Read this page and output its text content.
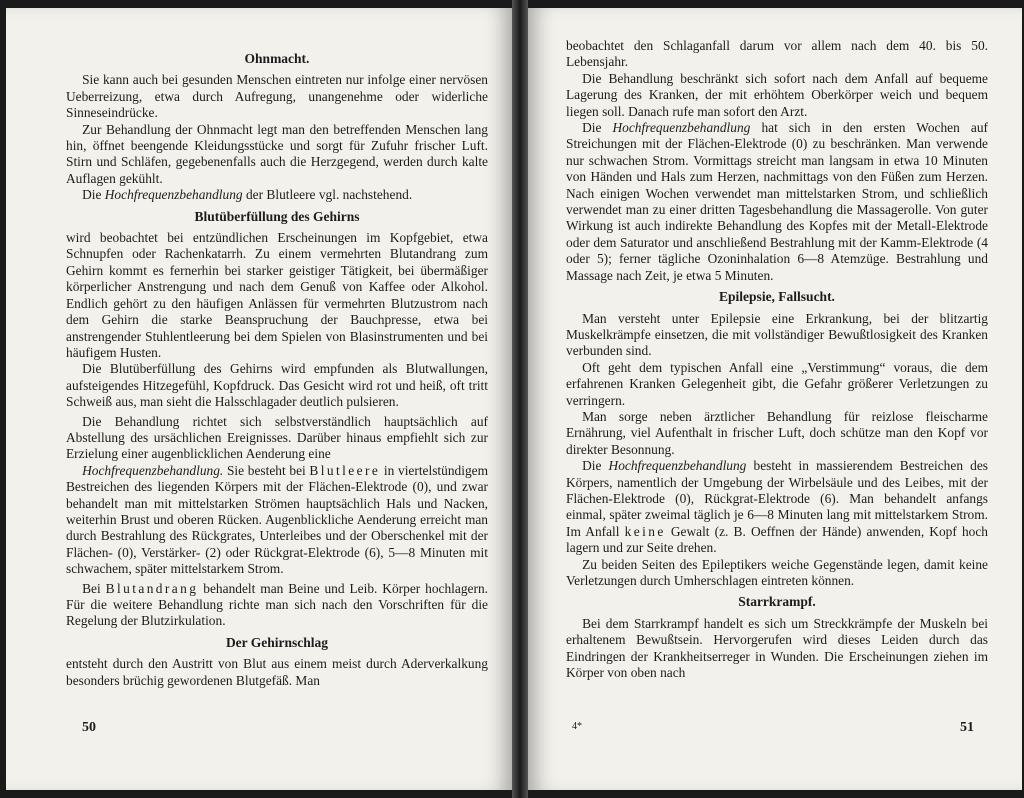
Ohnmacht.

Sie kann auch bei gesunden Menschen eintreten nur infolge einer nervösen Ueberreizung, etwa durch Aufregung, unangenehme oder widerliche Sinneseindrücke.

Zur Behandlung der Ohnmacht legt man den betreffenden Menschen lang hin, öffnet beengende Kleidungsstücke und sorgt für Zufuhr frischer Luft. Stirn und Schläfen, gegebenenfalls auch die Herzgegend, werden durch kalte Auflagen gekühlt.

Die Hochfrequenzbehandlung der Blutleere vgl. nachstehend.

Blutüberfüllung des Gehirns

wird beobachtet bei entzündlichen Erscheinungen im Kopfgebiet, etwa Schnupfen oder Rachenkatarrh. Zu einem vermehrten Blutandrang zum Gehirn kommt es fernerhin bei starker geistiger Tätigkeit, bei übermäßiger körperlicher Anstrengung und nach dem Genuß von Kaffee oder Alkohol. Endlich gehört zu den häufigen Anlässen für vermehrten Blutzustrom nach dem Gehirn die starke Beanspruchung der Bauchpresse, etwa bei anstrengender Stuhlentleerung bei dem Spielen von Blasinstrumenten und bei häufigem Husten.

Die Blutüberfüllung des Gehirns wird empfunden als Blutwallungen, aufsteigendes Hitzegefühl, Kopfdruck. Das Gesicht wird rot und heiß, oft tritt Schweiß aus, man sieht die Halsschlagader deutlich pulsieren.

Die Behandlung richtet sich selbstverständlich hauptsächlich auf Abstellung des ursächlichen Ereignisses. Darüber hinaus empfiehlt sich zur Erzielung einer augenblicklichen Aenderung eine

Hochfrequenzbehandlung. Sie besteht bei Blutleere in viertelstündigem Bestreichen des liegenden Körpers mit der Flächen-Elektrode (0), und zwar behandelt man mit mittelstarken Strömen hauptsächlich Hals und Nacken, weiterhin Brust und oberen Rücken. Augenblickliche Aenderung erreicht man durch Bestrahlung des Rückgrates, Unterleibes und der Oberschenkel mit der Flächen- (0), Verstärker- (2) oder Rückgrat-Elektrode (6), 5—8 Minuten mit schwachem, später mittelstarkem Strom.

Bei Blutandrang behandelt man Beine und Leib. Körper hochlagern. Für die weitere Behandlung richte man sich nach den Vorschriften für die Regelung der Blutzirkulation.

Der Gehirnschlag

entsteht durch den Austritt von Blut aus einem meist durch Aderverkalkung besonders brüchig gewordenen Blutgefäß. Man

50

beobachtet den Schlaganfall darum vor allem nach dem 40. bis 50. Lebensjahr.

Die Behandlung beschränkt sich sofort nach dem Anfall auf bequeme Lagerung des Kranken, der mit erhöhtem Oberkörper weich und bequem liegen soll. Danach rufe man sofort den Arzt.

Die Hochfrequenzbehandlung hat sich in den ersten Wochen auf Streichungen mit der Flächen-Elektrode (0) zu beschränken. Man verwende nur schwachen Strom. Vormittags streicht man langsam in etwa 10 Minuten von Händen und Hals zum Herzen, nachmittags von den Füßen zum Herzen. Nach einigen Wochen verwendet man mittelstarken Strom, und schließlich verwendet man zu einer dritten Tagesbehandlung die Massagerolle. Von guter Wirkung ist auch indirekte Behandlung des Kopfes mit der Metall-Elektrode oder dem Saturator und anschließend Bestrahlung mit der Kamm-Elektrode (4 oder 5); ferner tägliche Ozoninhalation 6—8 Atemzüge. Bestrahlung und Massage nach Zeit, je etwa 5 Minuten.

Epilepsie, Fallsucht.

Man versteht unter Epilepsie eine Erkrankung, bei der blitzartig Muskelkrämpfe einsetzen, die mit vollständiger Bewußtlosigkeit des Kranken verbunden sind.

Oft geht dem typischen Anfall eine „Verstimmung“ voraus, die dem erfahrenen Kranken Gelegenheit gibt, die Gefahr größerer Verletzungen zu verringern.

Man sorge neben ärztlicher Behandlung für reizlose fleischarme Ernährung, viel Aufenthalt in frischer Luft, doch schütze man den Kopf vor direkter Besonnung.

Die Hochfrequenzbehandlung besteht in massierendem Bestreichen des Körpers, namentlich der Umgebung der Wirbelsäule und des Leibes, mit der Flächen-Elektrode (0), Rückgrat-Elektrode (6). Man behandelt anfangs einmal, später zweimal täglich je 6—8 Minuten lang mit mittelstarkem Strom. Im Anfall keine Gewalt (z. B. Oeffnen der Hände) anwenden, Kopf hoch lagern und zur Seite drehen.

Zu beiden Seiten des Epileptikers weiche Gegenstände legen, damit keine Verletzungen durch Umherschlagen eintreten können.

Starrkrampf.

Bei dem Starrkrampf handelt es sich um Streckkrämpfe der Muskeln bei erhaltenem Bewußtsein. Hervorgerufen wird dieses Leiden durch das Eindringen der Krankheitserreger in Wunden. Die Erscheinungen ziehen im Körper von oben nach

4*	51
